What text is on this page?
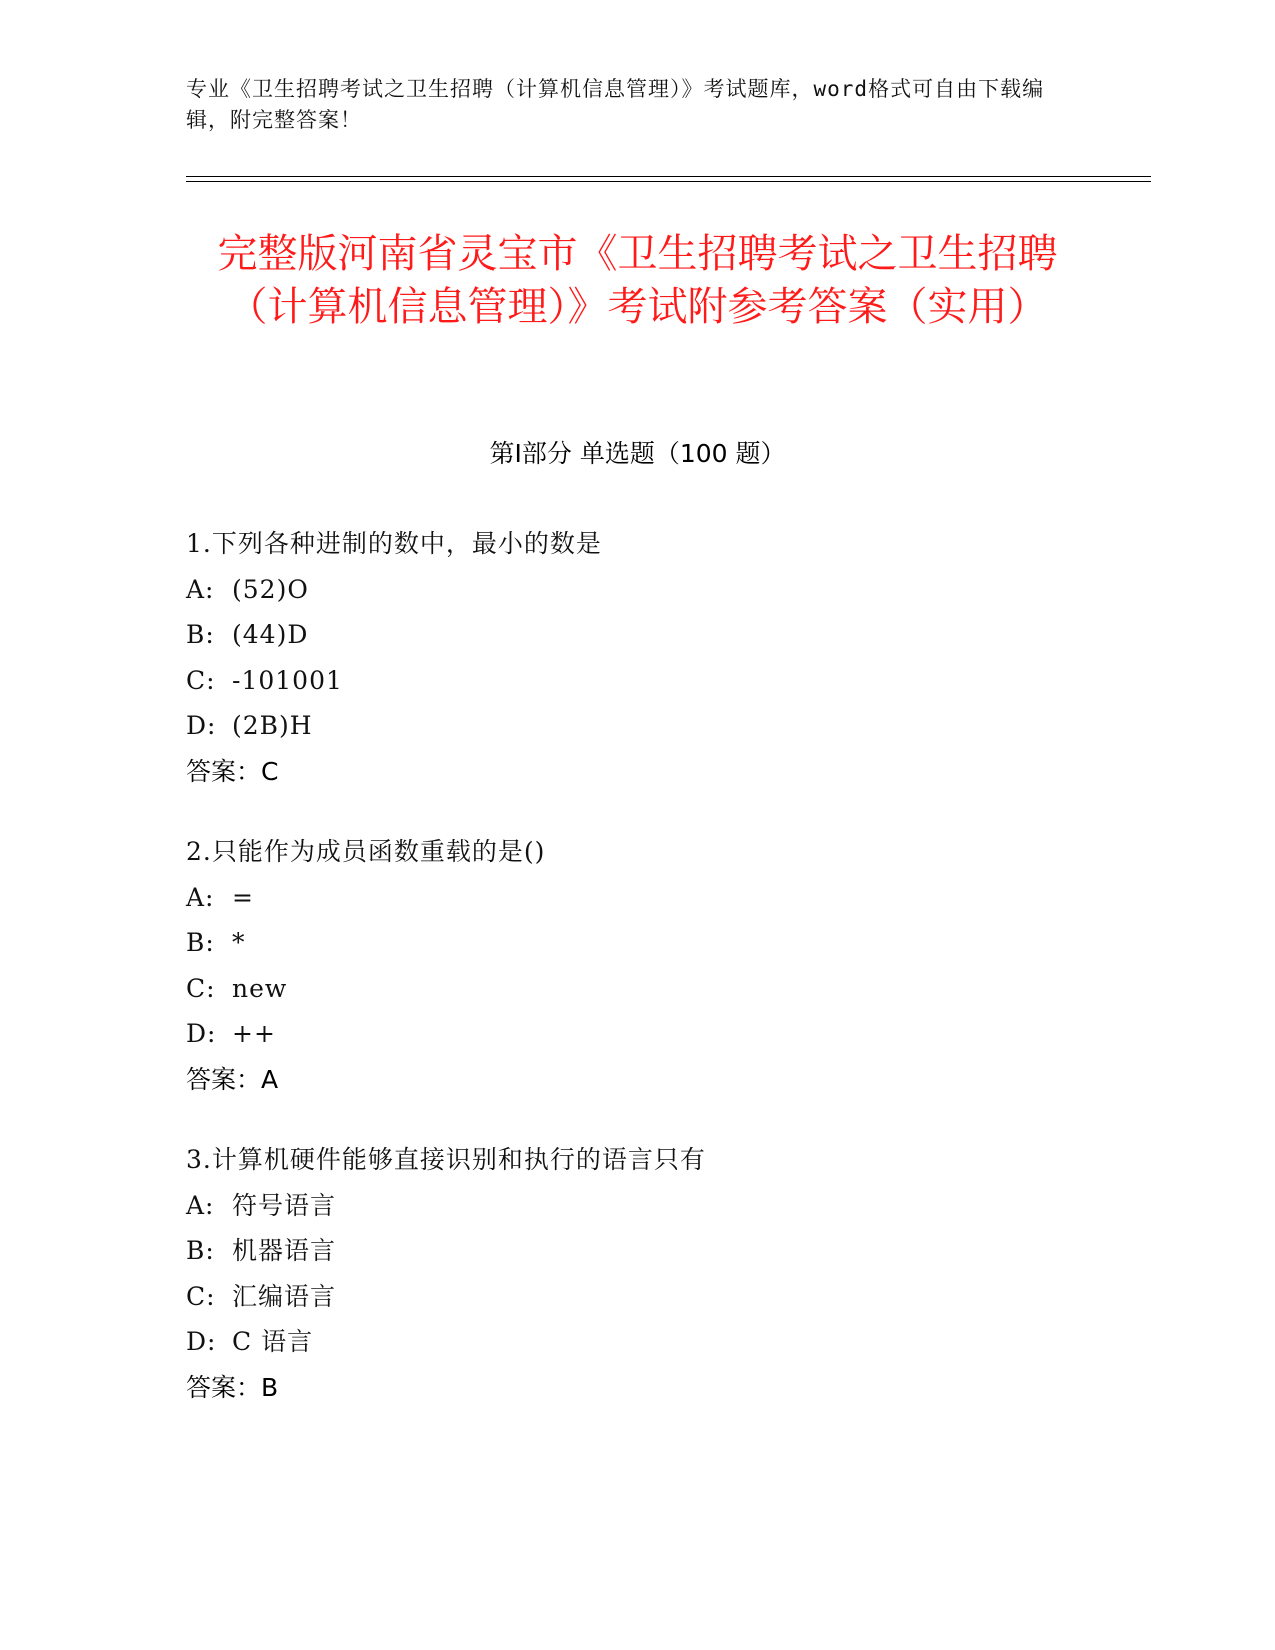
专业《卫生招聘考试之卫生招聘（计算机信息管理）》考试题库，word格式可自由下载编辑，附完整答案！
完整版河南省灵宝市《卫生招聘考试之卫生招聘（计算机信息管理）》考试附参考答案（实用）
第Ⅰ部分 单选题（100 题）
1.下列各种进制的数中，最小的数是
A: (52)O
B: (44)D
C: -101001
D: (2B)H
答案：C
2.只能作为成员函数重载的是()
A: =
B: *
C: new
D: ++
答案：A
3.计算机硬件能够直接识别和执行的语言只有
A: 符号语言
B: 机器语言
C: 汇编语言
D: C 语言
答案：B
